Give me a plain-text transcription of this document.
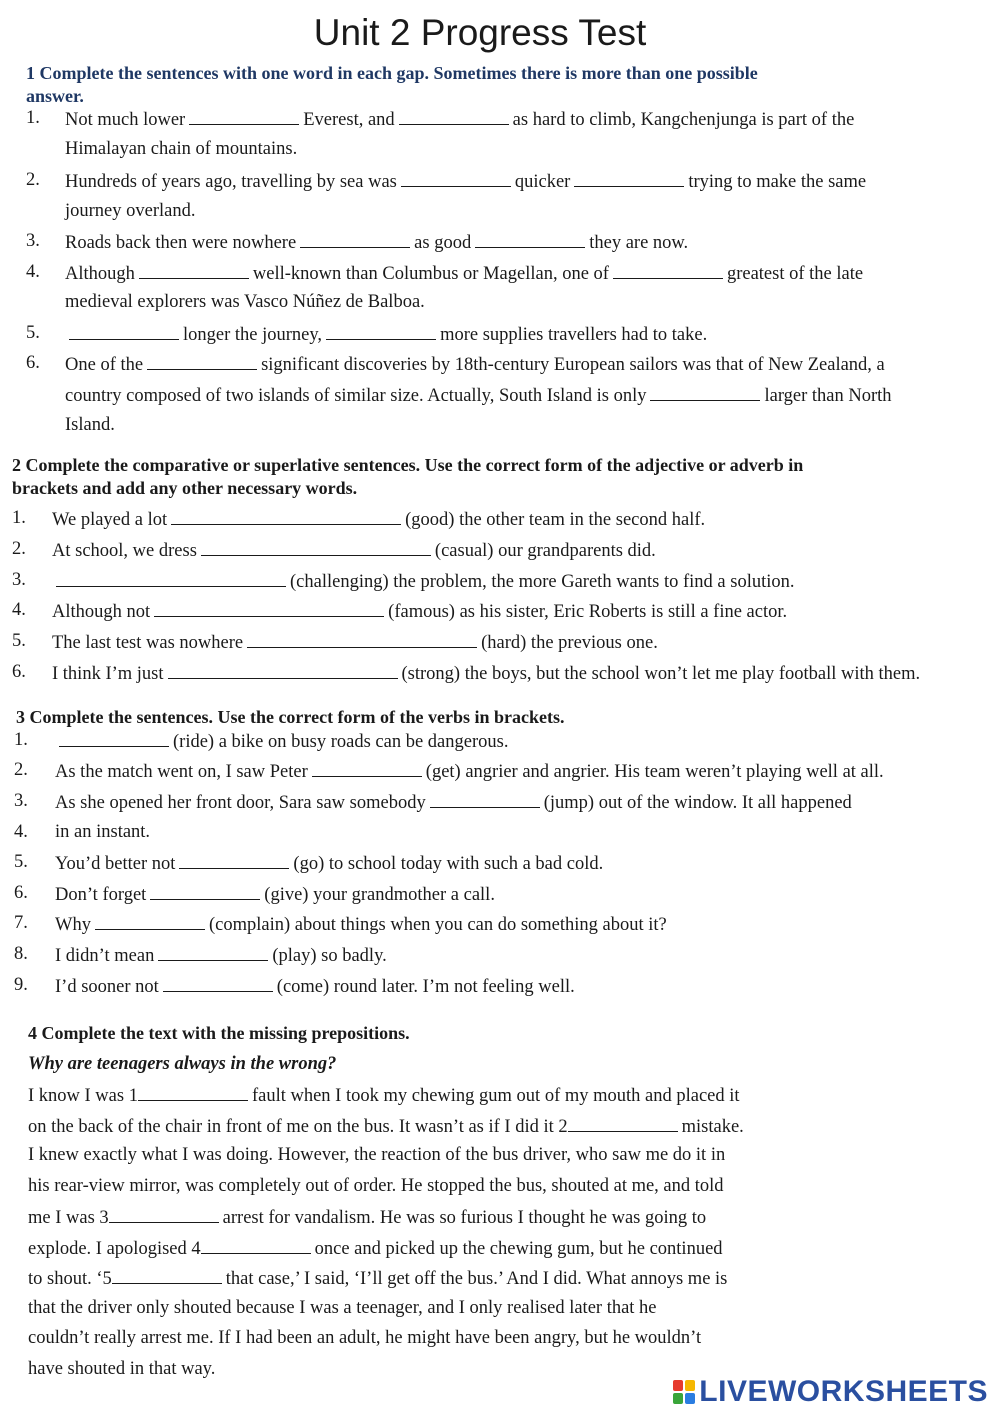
Unit 2 Progress Test
1 Complete the sentences with one word in each gap. Sometimes there is more than one possible
answer.
1. Not much lower	Everest, and	as hard to climb, Kangchenjunga is part of the
Himalayan chain of mountains.
2. Hundreds of years ago, travelling by sea was	quicker	trying to make the same
journey overland.
3. Roads back then were nowhere	as good	they are now.
4. Although	well-known than Columbus or Magellan, one of	greatest of the late
medieval explorers was Vasco Núñez de Balboa.
5.	longer the journey,	more supplies travellers had to take.
6. One of the	significant discoveries by 18th-century European sailors was that of New Zealand, a
country composed of two islands of similar size. Actually, South Island is only	larger than North
Island.
2 Complete the comparative or superlative sentences. Use the correct form of the adjective or adverb in
brackets and add any other necessary words.
1. We played a lot	(good) the other team in the second half.
2. At school, we dress	(casual) our grandparents did.
3.	(challenging) the problem, the more Gareth wants to find a solution.
4. Although not	(famous) as his sister, Eric Roberts is still a fine actor.
5. The last test was nowhere	(hard) the previous one.
6. I think I’m just	(strong) the boys, but the school won’t let me play football with them.
3 Complete the sentences. Use the correct form of the verbs in brackets.
1.	(ride) a bike on busy roads can be dangerous.
2. As the match went on, I saw Peter	(get) angrier and angrier. His team weren’t playing well at all.
3. As she opened her front door, Sara saw somebody	(jump) out of the window. It all happened
4. in an instant.
5. You’d better not	(go) to school today with such a bad cold.
6. Don’t forget	(give) your grandmother a call.
7. Why	(complain) about things when you can do something about it?
8. I didn’t mean	(play) so badly.
9. I’d sooner not	(come) round later. I’m not feeling well.
4 Complete the text with the missing prepositions.
Why are teenagers always in the wrong?
I know I was 1	fault when I took my chewing gum out of my mouth and placed it
on the back of the chair in front of me on the bus. It wasn’t as if I did it 2	mistake.
I knew exactly what I was doing. However, the reaction of the bus driver, who saw me do it in
his rear-view mirror, was completely out of order. He stopped the bus, shouted at me, and told
me I was 3	arrest for vandalism. He was so furious I thought he was going to
explode. I apologised 4	once and picked up the chewing gum, but he continued
to shout. ‘5	that case,’ I said, ‘I’ll get off the bus.’ And I did. What annoys me is
that the driver only shouted because I was a teenager, and I only realised later that he
couldn’t really arrest me. If I had been an adult, he might have been angry, but he wouldn’t
have shouted in that way.
LIVEWORKSHEETS
